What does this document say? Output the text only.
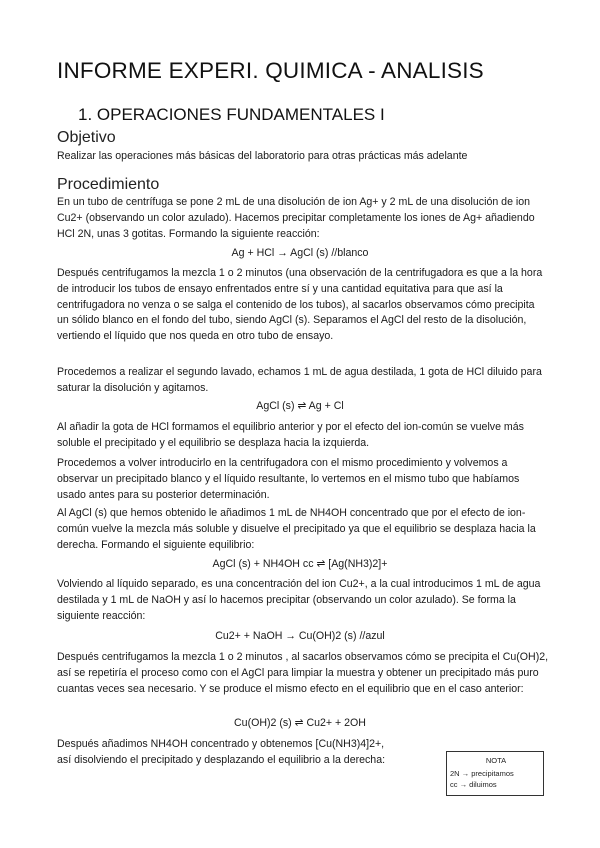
INFORME EXPERI. QUIMICA - ANALISIS
1. OPERACIONES FUNDAMENTALES I
Objetivo
Realizar las operaciones más básicas del laboratorio para otras prácticas más adelante
Procedimiento
En un tubo de centrífuga se pone 2 mL de una disolución de ion Ag+ y 2 mL de una disolución de ion Cu2+ (observando un color azulado). Hacemos precipitar completamente los iones de Ag+ añadiendo HCl 2N, unas 3 gotitas. Formando la siguiente reacción:
Ag + HCl → AgCl (s) //blanco
Después centrifugamos la mezcla 1 o 2 minutos (una observación de la centrifugadora es que a la hora de introducir los tubos de ensayo enfrentados entre sí y una cantidad equitativa para que así la centrifugadora no venza o se salga el contenido de los tubos), al sacarlos observamos cómo precipita un sólido blanco en el fondo del tubo, siendo AgCl (s). Separamos el AgCl del resto de la disolución, vertiendo el líquido que nos queda en otro tubo de ensayo.
Procedemos a realizar el segundo lavado, echamos 1 mL de agua destilada, 1 gota de HCl diluido para saturar la disolución y agitamos.
AgCl (s) ⇌ Ag + Cl
Al añadir la gota de HCl formamos el equilibrio anterior y por el efecto del ion-común se vuelve más soluble el precipitado y el equilibrio se desplaza hacia la izquierda.
Procedemos a volver introducirlo en la centrifugadora con el mismo procedimiento y volvemos a observar un precipitado blanco y el líquido resultante, lo vertemos en el mismo tubo que habíamos usado antes para su posterior determinación.
Al AgCl (s) que hemos obtenido le añadimos 1 mL de NH4OH concentrado que por el efecto de ion-común vuelve la mezcla más soluble y disuelve el precipitado ya que el equilibrio se desplaza hacia la derecha. Formando el siguiente equilibrio:
AgCl (s) + NH4OH cc ⇌ [Ag(NH3)2]+
Volviendo al líquido separado, es una concentración del ion Cu2+, a la cual introducimos 1 mL de agua destilada y 1 mL de NaOH y así lo hacemos precipitar (observando un color azulado). Se forma la siguiente reacción:
Cu2+ + NaOH → Cu(OH)2 (s) //azul
Después centrifugamos la mezcla 1 o 2 minutos , al sacarlos observamos cómo se precipita el Cu(OH)2, así se repetiría el proceso como con el AgCl para limpiar la muestra y obtener un precipitado más puro cuantas veces sea necesario. Y se produce el mismo efecto en el equilibrio que en el caso anterior:
Cu(OH)2 (s) ⇌ Cu2+ + 2OH
Después añadimos NH4OH concentrado y obtenemos [Cu(NH3)4]2+, así disolviendo el precipitado y desplazando el equilibrio a la derecha:	NOTA
2N → precipitamos
cc → diluimos
